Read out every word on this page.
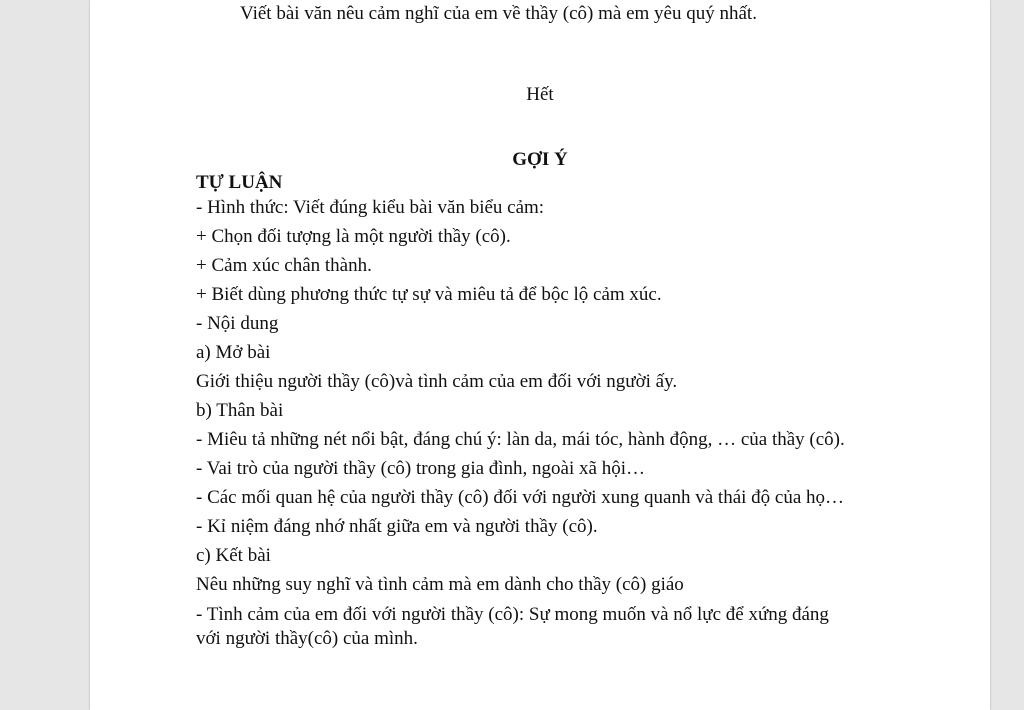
Viết bài văn nêu cảm nghĩ của em về thầy (cô) mà em yêu quý nhất.

Hết

GỢI Ý

TỰ LUẬN

- Hình thức: Viết đúng kiểu bài văn biểu cảm:

+ Chọn đối tượng là một người thầy (cô).

+ Cảm xúc chân thành.

+ Biết dùng phương thức tự sự và miêu tả để bộc lộ cảm xúc.

- Nội dung

a) Mở bài

Giới thiệu người thầy (cô)và tình cảm của em đối với người ấy.

b) Thân bài

- Miêu tả những nét nổi bật, đáng chú ý: làn da, mái tóc, hành động, … của thầy (cô).

- Vai trò của người thầy (cô) trong gia đình, ngoài xã hội…

- Các mối quan hệ của người thầy (cô) đối với người xung quanh và thái độ của họ…

- Kỉ niệm đáng nhớ nhất giữa em và người thầy (cô).

c) Kết bài

Nêu những suy nghĩ và tình cảm mà em dành cho thầy (cô) giáo

- Tình cảm của em đối với người thầy (cô): Sự mong muốn và nổ lực để xứng đáng

với người thầy(cô) của mình.
